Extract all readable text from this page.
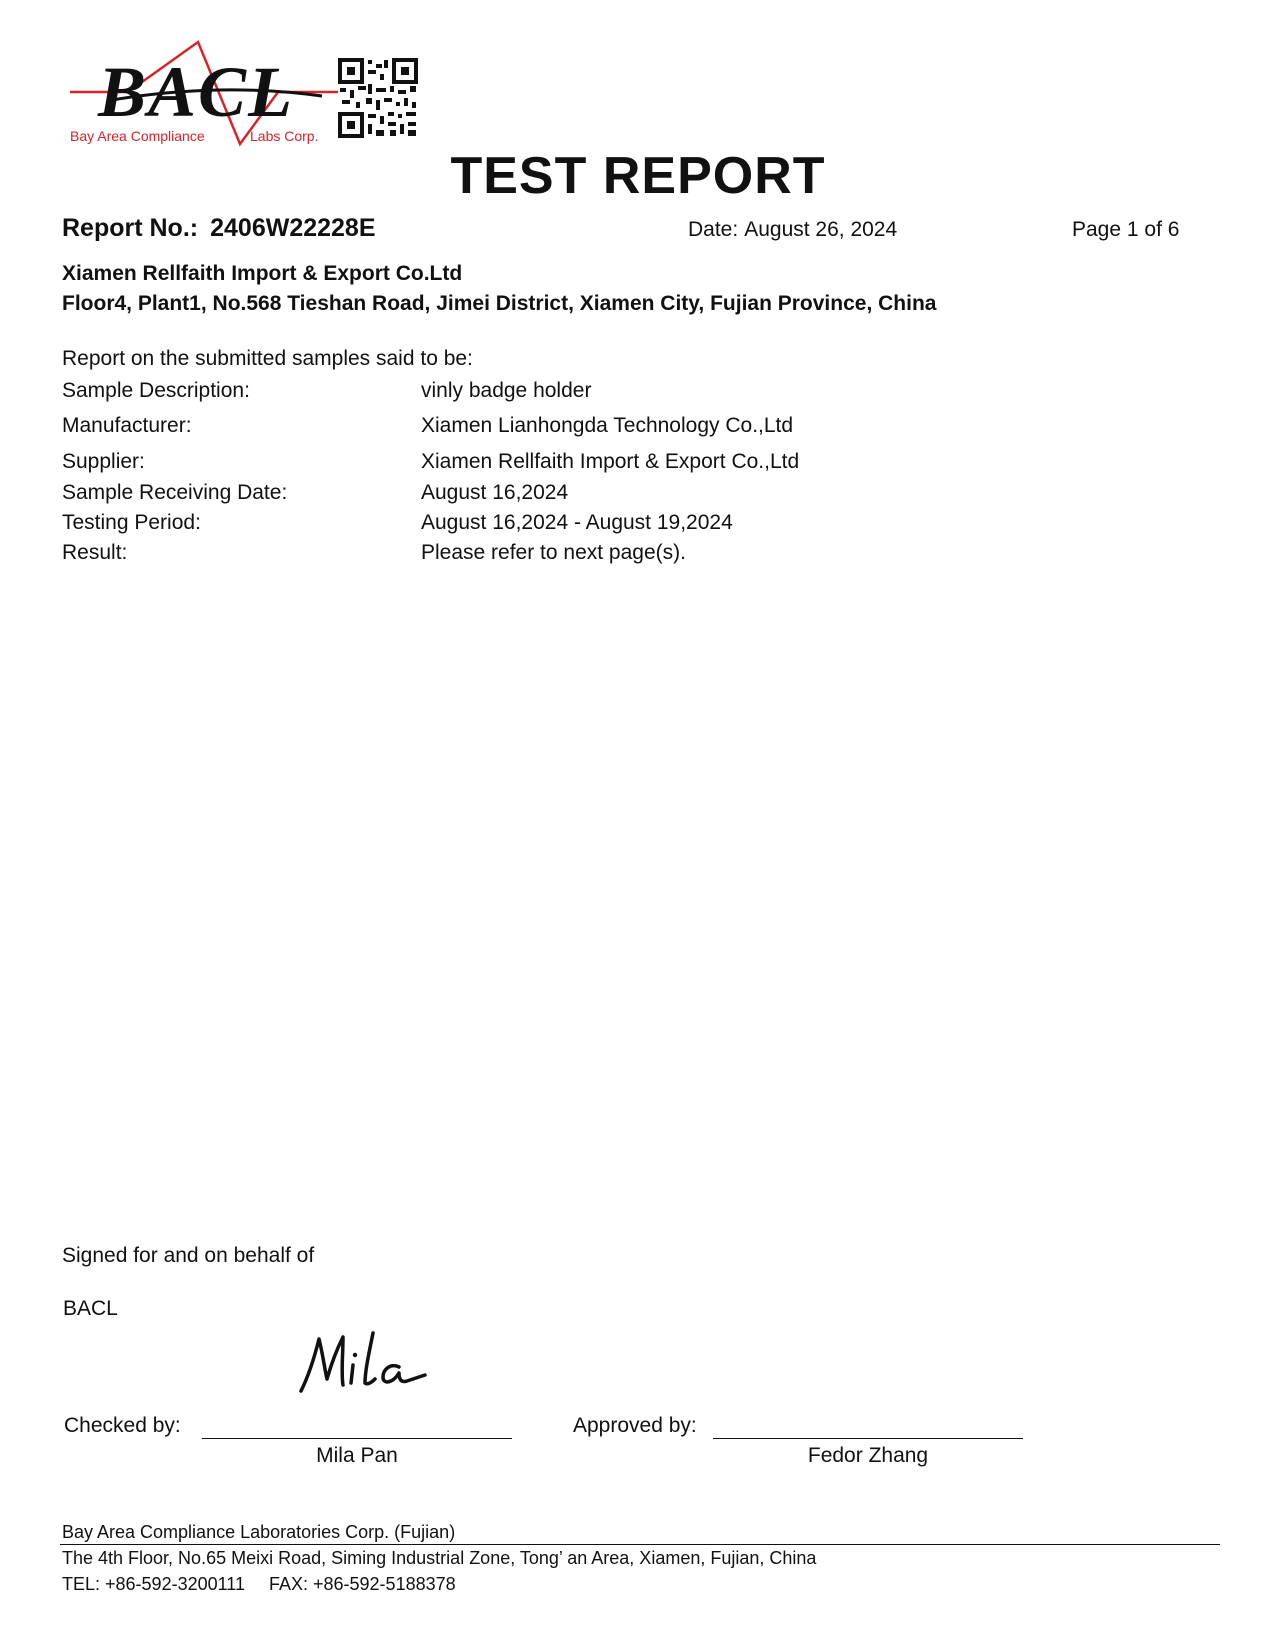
BACL
Bay Area Compliance	Labs Corp.
TEST REPORT
Report No.: 2406W22228E	Date: August 26, 2024	Page 1 of 6
Xiamen Rellfaith Import & Export Co.Ltd
Floor4, Plant1, No.568 Tieshan Road, Jimei District, Xiamen City, Fujian Province, China
Report on the submitted samples said to be:
Sample Description:	vinly badge holder
Manufacturer:	Xiamen Lianhongda Technology Co.,Ltd
Supplier:	Xiamen Rellfaith Import & Export Co.,Ltd
Sample Receiving Date:	August 16,2024
Testing Period:	August 16,2024 - August 19,2024
Result:	Please refer to next page(s).
Signed for and on behalf of
BACL
Checked by:
Mila Pan
Approved by:
Fedor Zhang
Bay Area Compliance Laboratories Corp. (Fujian)
The 4th Floor, No.65 Meixi Road, Siming Industrial Zone, Tong’ an Area, Xiamen, Fujian, China
TEL: +86-592-3200111 FAX: +86-592-5188378
